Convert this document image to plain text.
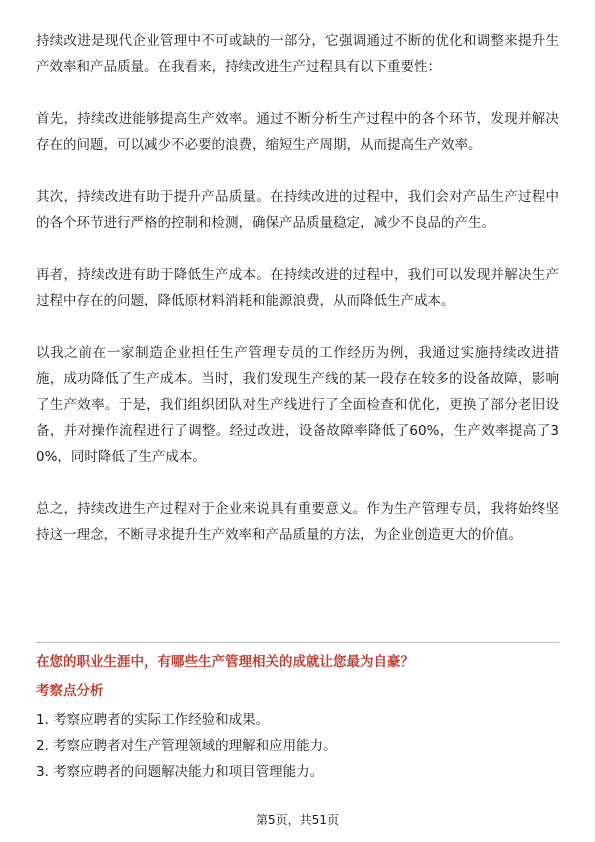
持续改进是现代企业管理中不可或缺的一部分，它强调通过不断的优化和调整来提升生产效率和产品质量。在我看来，持续改进生产过程具有以下重要性：

首先，持续改进能够提高生产效率。通过不断分析生产过程中的各个环节，发现并解决存在的问题，可以减少不必要的浪费，缩短生产周期，从而提高生产效率。

其次，持续改进有助于提升产品质量。在持续改进的过程中，我们会对产品生产过程中的各个环节进行严格的控制和检测，确保产品质量稳定，减少不良品的产生。

再者，持续改进有助于降低生产成本。在持续改进的过程中，我们可以发现并解决生产过程中存在的问题，降低原材料消耗和能源浪费，从而降低生产成本。

以我之前在一家制造企业担任生产管理专员的工作经历为例，我通过实施持续改进措施，成功降低了生产成本。当时，我们发现生产线的某一段存在较多的设备故障，影响了生产效率。于是，我们组织团队对生产线进行了全面检查和优化，更换了部分老旧设备，并对操作流程进行了调整。经过改进，设备故障率降低了60%，生产效率提高了30%，同时降低了生产成本。

总之，持续改进生产过程对于企业来说具有重要意义。作为生产管理专员，我将始终坚持这一理念，不断寻求提升生产效率和产品质量的方法，为企业创造更大的价值。

在您的职业生涯中，有哪些生产管理相关的成就让您最为自豪？

考察点分析

1. 考察应聘者的实际工作经验和成果。
2. 考察应聘者对生产管理领域的理解和应用能力。
3. 考察应聘者的问题解决能力和项目管理能力。
第5页，共51页
